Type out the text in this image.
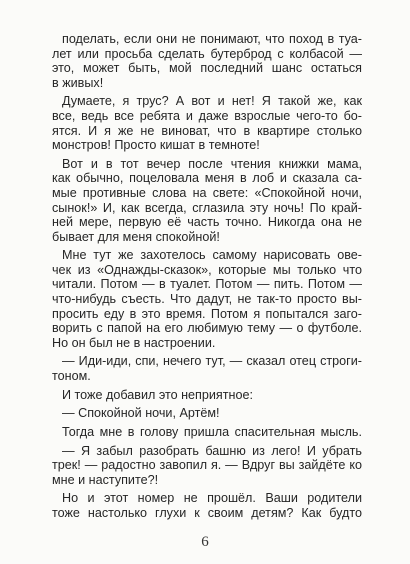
поделать, если они не понимают, что поход в туа-
лет или просьба сделать бутерброд с колбасой —
это, может быть, мой последний шанс остаться
в живых!
Думаете, я трус? А вот и нет! Я такой же, как
все, ведь все ребята и даже взрослые чего-то бо-
ятся. И я же не виноват, что в квартире столько
монстров! Просто кишат в темноте!
Вот и в тот вечер после чтения книжки мама,
как обычно, поцеловала меня в лоб и сказала са-
мые противные слова на свете: «Спокойной ночи,
сынок!» И, как всегда, сглазила эту ночь! По край-
ней мере, первую её часть точно. Никогда она не
бывает для меня спокойной!
Мне тут же захотелось самому нарисовать ове-
чек из «Однажды-сказок», которые мы только что
читали. Потом — в туалет. Потом — пить. Потом —
что-нибудь съесть. Что дадут, не так-то просто вы-
просить еду в это время. Потом я попытался заго-
ворить с папой на его любимую тему — о футболе.
Но он был не в настроении.
— Иди-иди, спи, нечего тут, — сказал отец строги-
тоном.
И тоже добавил это неприятное:
— Спокойной ночи, Артём!
Тогда мне в голову пришла спасительная мысль.
— Я забыл разобрать башню из лего! И убрать
трек! — радостно завопил я. — Вдруг вы зайдёте ко
мне и наступите?!
Но и этот номер не прошёл. Ваши родители
тоже настолько глухи к своим детям? Как будто
6
